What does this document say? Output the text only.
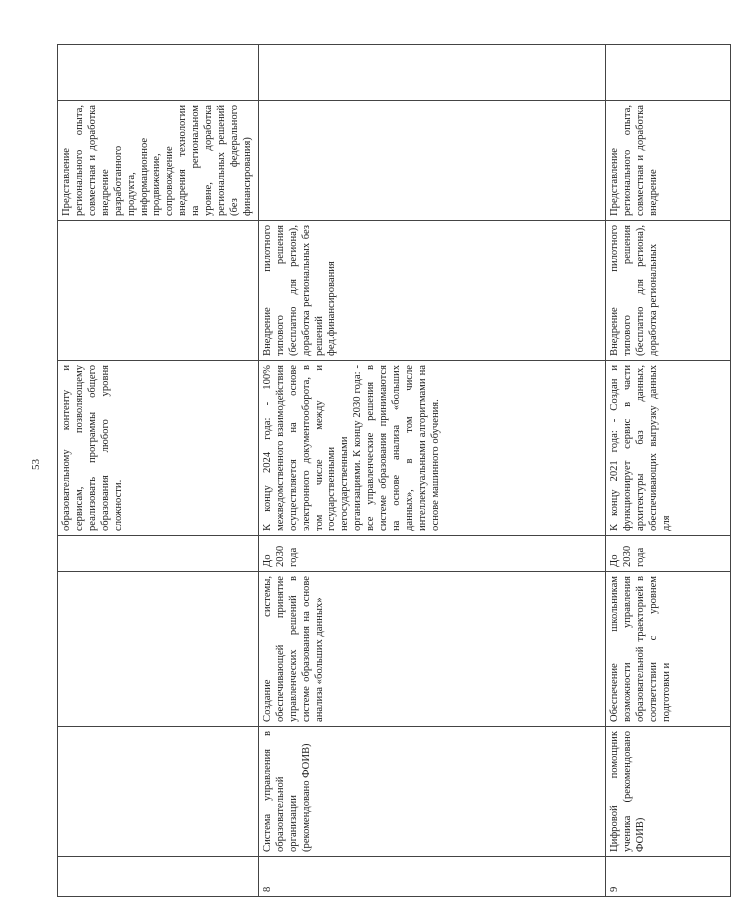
53
				образовательному контенту и сервисам, позволяющему реализовать программы общего образования любого уровня сложности.		Представление регионального опыта, совместная и доработка внедрение разработанного продукта, информационное продвижение, сопровождение внедрения технологии на региональном уровне, доработка региональных решений (без федерального финансирования)	
8	Система управления в образовательной организации (рекомендовано ФОИВ)	Создание системы, обеспечивающей принятие управленческих решений в системе образования на основе анализа «больших данных»	До 2030 года	К концу 2024 года: - 100% межведомственного взаимодействия осуществляется на основе электронного документооборота, в том числе между и государственными негосударственными организациями. К концу 2030 года: - все управленческие решения в системе образования принимаются на основе анализа «больших данных», в том числе интеллектуальными алгоритмами на основе машинного обучения.	Внедрение пилотного типового решения (бесплатно для региона), доработка региональных без решений фед.финансирования		
9	Цифровой помощник ученика (рекомендовано ФОИВ)	Обеспечение школьникам возможности управления образовательной траекторией в соответствии с уровнем подготовки и	До 2030 года	К концу 2021 года: - Создан и функционирует сервис в части архитектуры баз данных, обеспечивающих выгрузку данных для	Внедрение пилотного типового решения (бесплатно для региона), доработка региональных	Представление регионального опыта, совместная и доработка внедрение	
